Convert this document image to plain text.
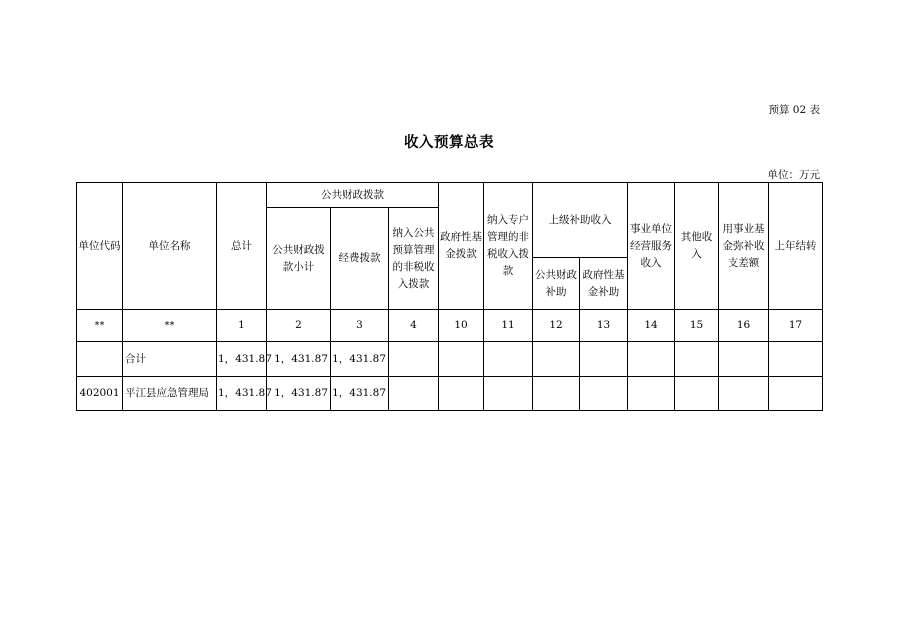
预算 02 表
收入预算总表
单位：万元
单位代码	单位名称	总计	公共财政拨款			政府性基金拨款	纳入专户管理的非税收入拨款	上级补助收入		事业单位经营服务收入	其他收入	用事业基金弥补收支差额	上年结转
			公共财政拨款小计	经费拨款	纳入公共预算管理的非税收入拨款								
								公共财政补助	政府性基金补助				
**	**	1	2	3	4	10	11	12	13	14	15	16	17
	合计	1，431.87	1，431.87	1，431.87									
402001	平江县应急管理局	1，431.87	1，431.87	1，431.87									
